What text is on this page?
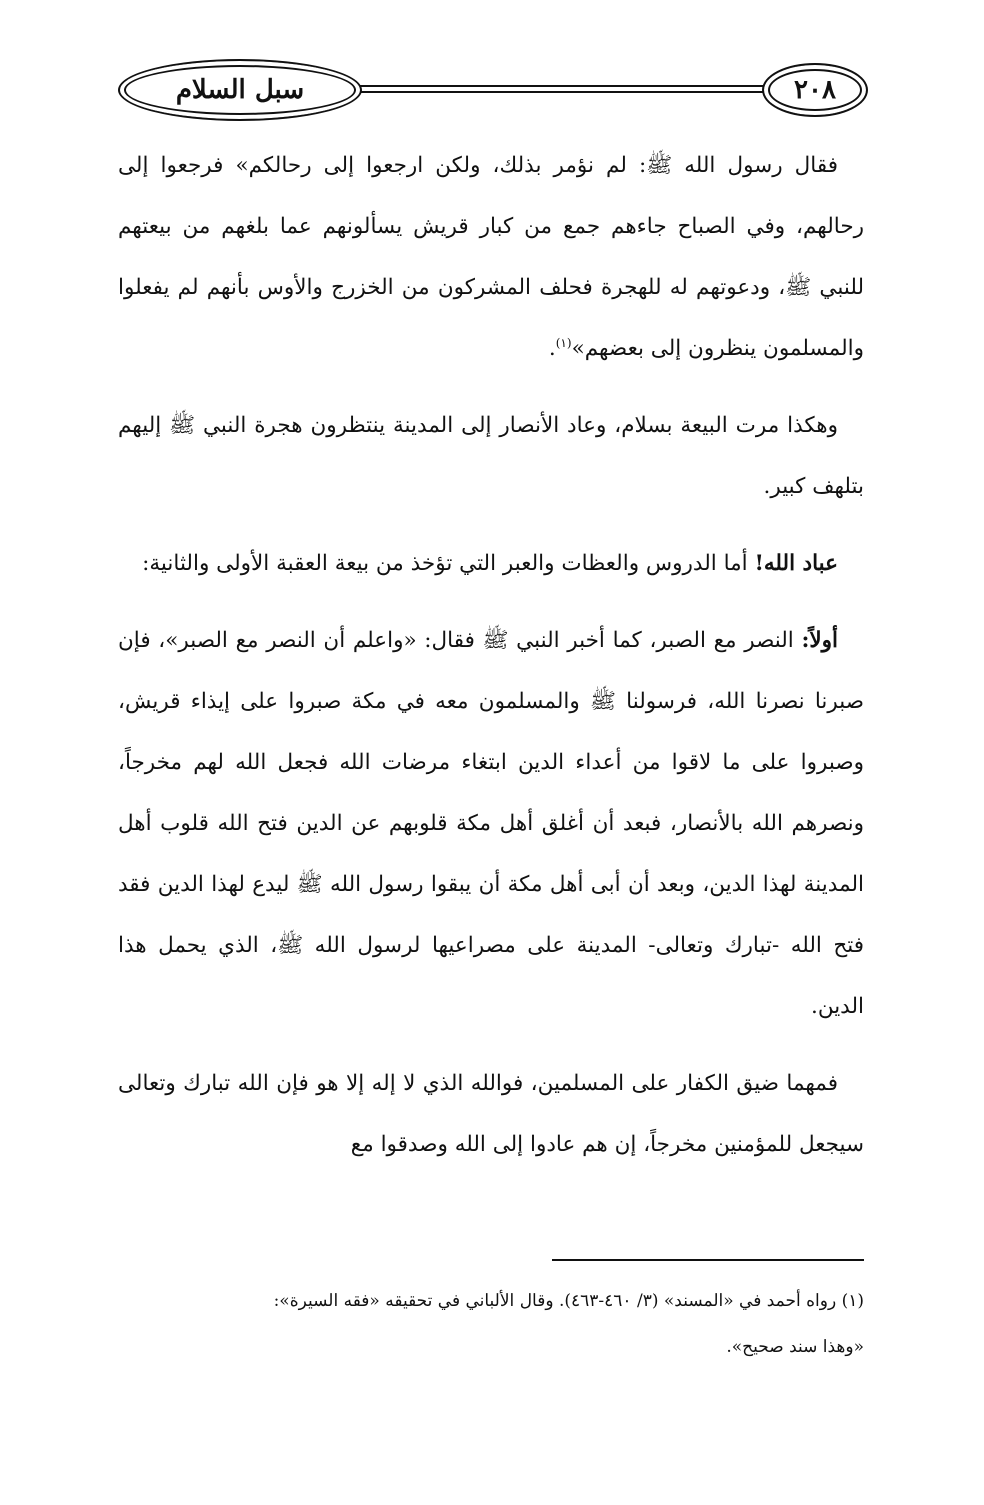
سبل السلام	٢٠٨

فقال رسول الله ﷺ: لم نؤمر بذلك، ولكن ارجعوا إلى رحالكم» فرجعوا إلى رحالهم، وفي الصباح جاءهم جمع من كبار قريش يسألونهم عما بلغهم من بيعتهم للنبي ﷺ، ودعوتهم له للهجرة فحلف المشركون من الخزرج والأوس بأنهم لم يفعلوا والمسلمون ينظرون إلى بعضهم»$^{(١)}$.

وهكذا مرت البيعة بسلام، وعاد الأنصار إلى المدينة ينتظرون هجرة النبي ﷺ إليهم بتلهف كبير.

عباد الله! أما الدروس والعظات والعبر التي تؤخذ من بيعة العقبة الأولى والثانية:

أولاً: النصر مع الصبر، كما أخبر النبي ﷺ فقال: «واعلم أن النصر مع الصبر»، فإن صبرنا نصرنا الله، فرسولنا ﷺ والمسلمون معه في مكة صبروا على إيذاء قريش، وصبروا على ما لاقوا من أعداء الدين ابتغاء مرضات الله فجعل الله لهم مخرجاً، ونصرهم الله بالأنصار، فبعد أن أغلق أهل مكة قلوبهم عن الدين فتح الله قلوب أهل المدينة لهذا الدين، وبعد أن أبى أهل مكة أن يبقوا رسول الله ﷺ ليدع لهذا الدين فقد فتح الله -تبارك وتعالى- المدينة على مصراعيها لرسول الله ﷺ، الذي يحمل هذا الدين.

فمهما ضيق الكفار على المسلمين، فوالله الذي لا إله إلا هو فإن الله تبارك وتعالى سيجعل للمؤمنين مخرجاً، إن هم عادوا إلى الله وصدقوا مع

(١) رواه أحمد في «المسند» (٣/ ٤٦٠-٤٦٣). وقال الألباني في تحقيقه «فقه السيرة»:

«وهذا سند صحيح».
